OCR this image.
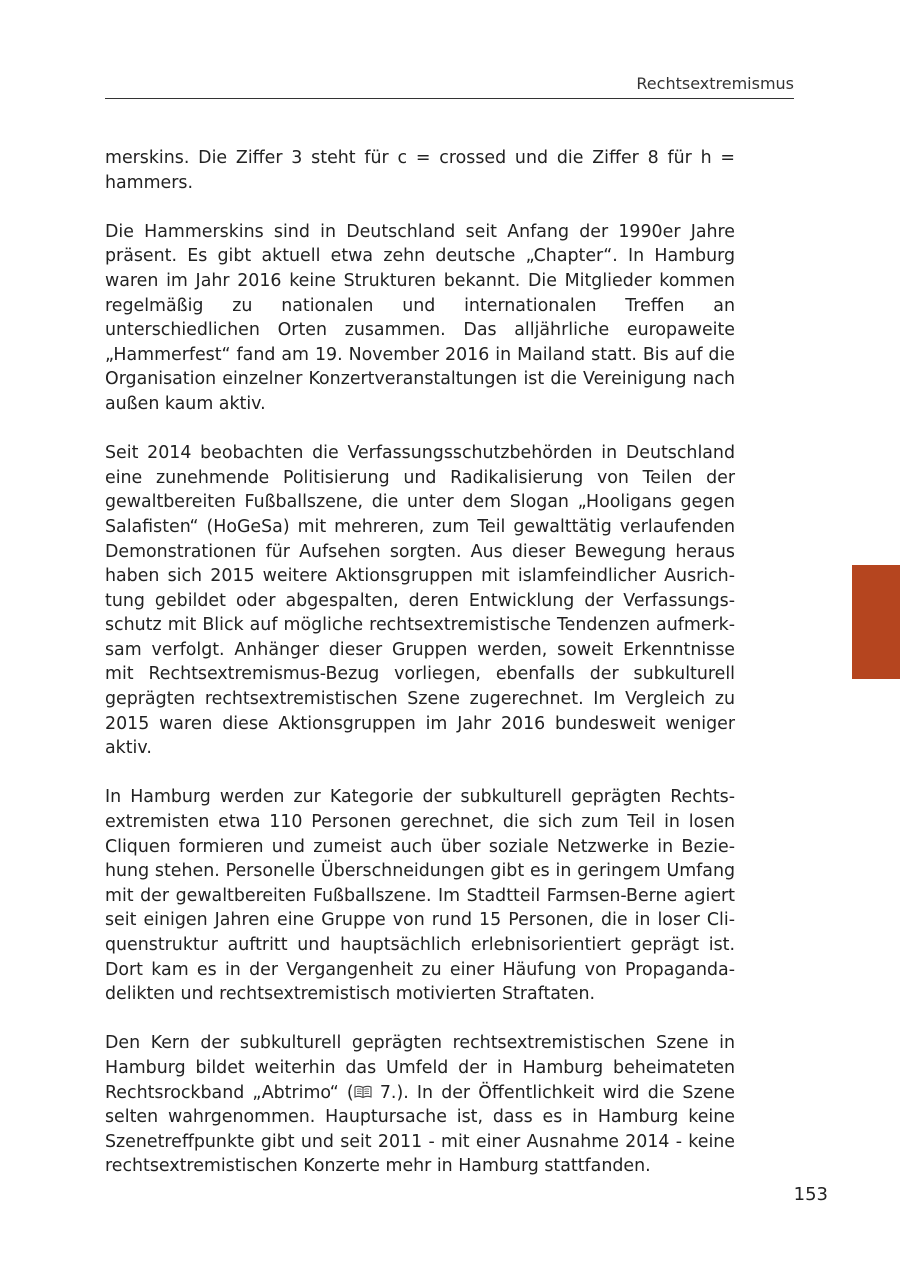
Rechtsextremismus

merskins. Die Ziffer 3 steht für c = crossed und die Ziffer 8 für h = hammers.

Die Hammerskins sind in Deutschland seit Anfang der 1990er Jahre präsent. Es gibt aktuell etwa zehn deutsche „Chapter“. In Hamburg waren im Jahr 2016 keine Strukturen bekannt. Die Mitglieder kommen regelmäßig zu nationalen und internationalen Treffen an unterschiedlichen Orten zusammen. Das alljährliche europaweite „Hammerfest“ fand am 19. November 2016 in Mailand statt. Bis auf die Organisation einzelner Konzertveranstaltungen ist die Vereinigung nach außen kaum aktiv.

Seit 2014 beobachten die Verfassungsschutzbehörden in Deutschland eine zunehmende Politisierung und Radikalisierung von Teilen der gewaltbereiten Fußballszene, die unter dem Slogan „Hooligans gegen Salafisten“ (HoGeSa) mit mehreren, zum Teil gewalttätig verlaufenden Demonstrationen für Aufsehen sorgten. Aus dieser Bewegung heraus haben sich 2015 weitere Aktionsgruppen mit islamfeindlicher Ausrichtung gebildet oder abgespalten, deren Entwicklung der Verfassungsschutz mit Blick auf mögliche rechtsextremistische Tendenzen aufmerksam verfolgt. Anhänger dieser Gruppen werden, soweit Erkenntnisse mit Rechtsextremismus-Bezug vorliegen, ebenfalls der subkulturell geprägten rechtsextremistischen Szene zugerechnet. Im Vergleich zu 2015 waren diese Aktionsgruppen im Jahr 2016 bundesweit weniger aktiv.

In Hamburg werden zur Kategorie der subkulturell geprägten Rechtsextremisten etwa 110 Personen gerechnet, die sich zum Teil in losen Cliquen formieren und zumeist auch über soziale Netzwerke in Beziehung stehen. Personelle Überschneidungen gibt es in geringem Umfang mit der gewaltbereiten Fußballszene. Im Stadtteil Farmsen-Berne agiert seit einigen Jahren eine Gruppe von rund 15 Personen, die in loser Cliquenstruktur auftritt und hauptsächlich erlebnisorientiert geprägt ist. Dort kam es in der Vergangenheit zu einer Häufung von Propagandadelikten und rechtsextremistisch motivierten Straftaten.

Den Kern der subkulturell geprägten rechtsextremistischen Szene in Hamburg bildet weiterhin das Umfeld der in Hamburg beheimateten Rechtsrockband „Abtrimo“ ( 7.). In der Öffentlichkeit wird die Szene selten wahrgenommen. Hauptursache ist, dass es in Hamburg keine Szenetreffpunkte gibt und seit 2011 - mit einer Ausnahme 2014 - keine rechtsextremistischen Konzerte mehr in Hamburg stattfanden.

153
